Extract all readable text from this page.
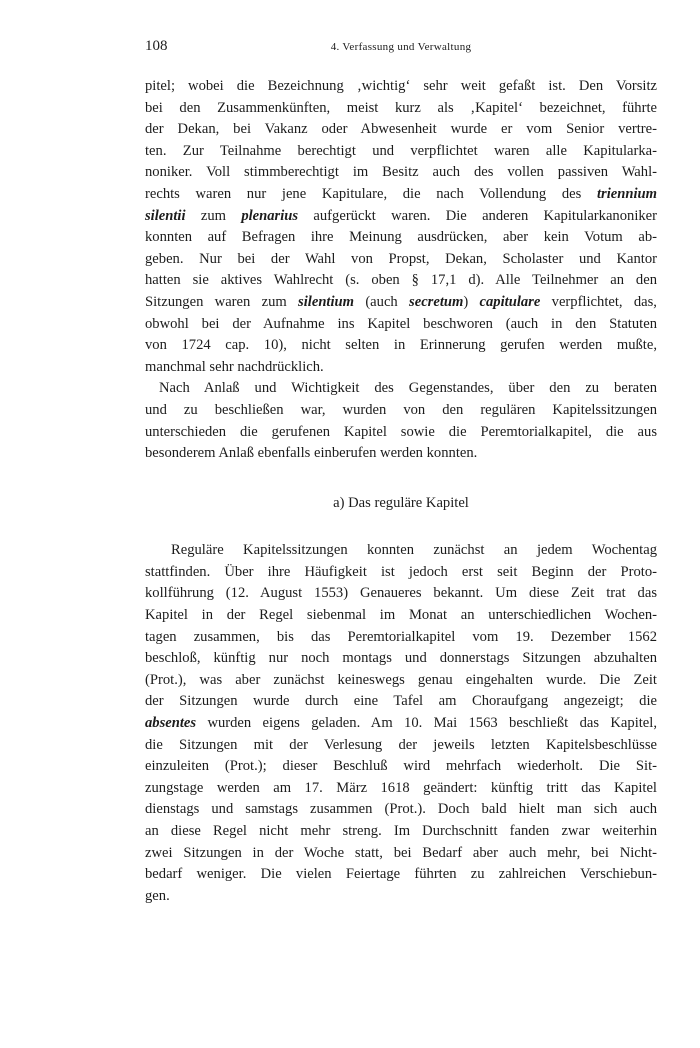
108	4. Verfassung und Verwaltung
pitel; wobei die Bezeichnung ‚wichtig‘ sehr weit gefaßt ist. Den Vorsitz
bei den Zusammenkünften, meist kurz als ‚Kapitel‘ bezeichnet, führte
der Dekan, bei Vakanz oder Abwesenheit wurde er vom Senior vertre-
ten. Zur Teilnahme berechtigt und verpflichtet waren alle Kapitularka-
noniker. Voll stimmberechtigt im Besitz auch des vollen passiven Wahl-
rechts waren nur jene Kapitulare, die nach Vollendung des triennium
silentii zum plenarius aufgerückt waren. Die anderen Kapitularkanoniker
konnten auf Befragen ihre Meinung ausdrücken, aber kein Votum ab-
geben. Nur bei der Wahl von Propst, Dekan, Scholaster und Kantor
hatten sie aktives Wahlrecht (s. oben § 17,1 d). Alle Teilnehmer an den
Sitzungen waren zum silentium (auch secretum) capitulare verpflichtet, das,
obwohl bei der Aufnahme ins Kapitel beschworen (auch in den Statuten
von 1724 cap. 10), nicht selten in Erinnerung gerufen werden mußte,
manchmal sehr nachdrücklich.
Nach Anlaß und Wichtigkeit des Gegenstandes, über den zu beraten
und zu beschließen war, wurden von den regulären Kapitelssitzungen
unterschieden die gerufenen Kapitel sowie die Peremtorialkapitel, die aus
besonderem Anlaß ebenfalls einberufen werden konnten.
a) Das reguläre Kapitel
Reguläre Kapitelssitzungen konnten zunächst an jedem Wochentag
stattfinden. Über ihre Häufigkeit ist jedoch erst seit Beginn der Proto-
kollführung (12. August 1553) Genaueres bekannt. Um diese Zeit trat das
Kapitel in der Regel siebenmal im Monat an unterschiedlichen Wochen-
tagen zusammen, bis das Peremtorialkapitel vom 19. Dezember 1562
beschloß, künftig nur noch montags und donnerstags Sitzungen abzuhalten
(Prot.), was aber zunächst keineswegs genau eingehalten wurde. Die Zeit
der Sitzungen wurde durch eine Tafel am Choraufgang angezeigt; die
absentes wurden eigens geladen. Am 10. Mai 1563 beschließt das Kapitel,
die Sitzungen mit der Verlesung der jeweils letzten Kapitelsbeschlüsse
einzuleiten (Prot.); dieser Beschluß wird mehrfach wiederholt. Die Sit-
zungstage werden am 17. März 1618 geändert: künftig tritt das Kapitel
dienstags und samstags zusammen (Prot.). Doch bald hielt man sich auch
an diese Regel nicht mehr streng. Im Durchschnitt fanden zwar weiterhin
zwei Sitzungen in der Woche statt, bei Bedarf aber auch mehr, bei Nicht-
bedarf weniger. Die vielen Feiertage führten zu zahlreichen Verschiebun-
gen.
